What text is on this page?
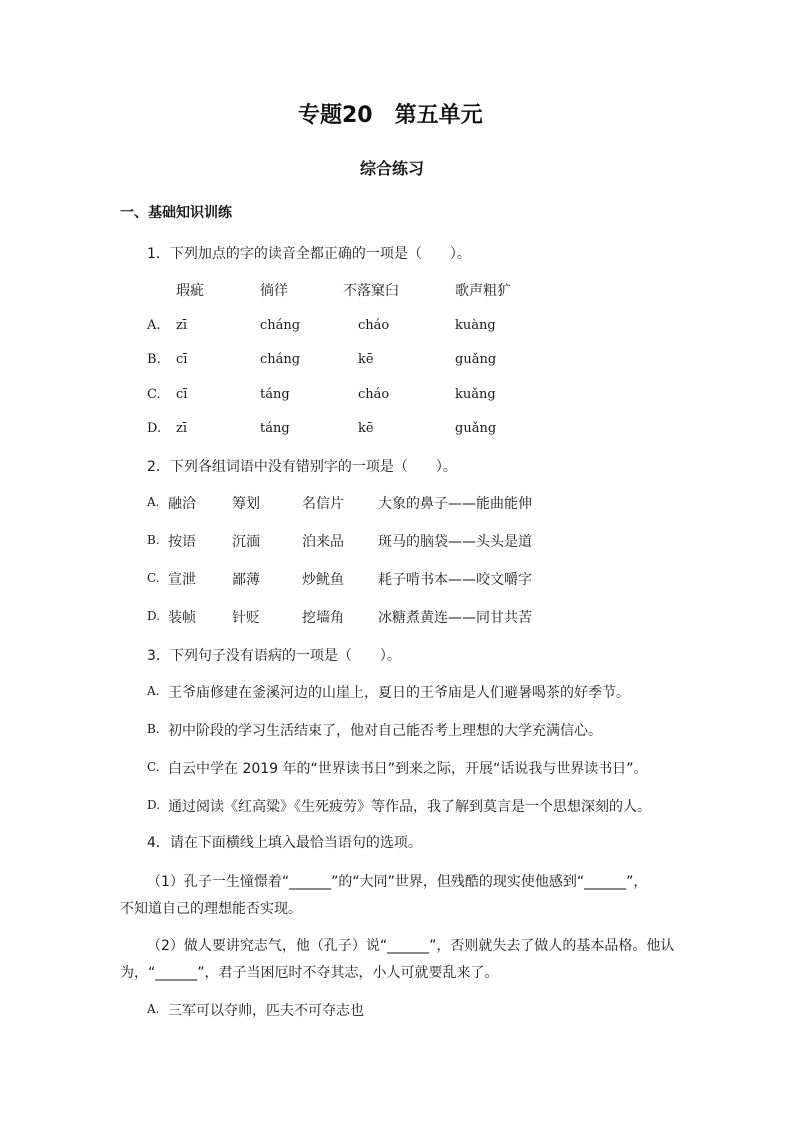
专题20　第五单元
综合练习
一、基础知识训练
1．下列加点的字的读音全都正确的一项是（　　）。
瑕疵	徜徉	不落窠臼	歌声粗犷
A. zī	cháng	cháo	kuàng
B. cī	cháng	kē	guǎng
C. cī	táng	cháo	kuǎng
D. zī	táng	kē	guǎng
2．下列各组词语中没有错别字的一项是（　　）。
A. 融洽	筹划	名信片 大象的鼻子——能曲能伸
B. 按语	沉湎	泊来品 斑马的脑袋——头头是道
C. 宣泄	鄙薄	炒鱿鱼 耗子啃书本——咬文嚼字
D. 装帧	针贬	挖墙角 冰糖煮黄连——同甘共苦
3．下列句子没有语病的一项是（　　）。
A. 王爷庙修建在釜溪河边的山崖上，夏日的王爷庙是人们避暑喝茶的好季节。
B. 初中阶段的学习生活结束了，他对自己能否考上理想的大学充满信心。
C. 白云中学在 2019 年的“世界读书日”到来之际，开展“话说我与世界读书日”。
D. 通过阅读《红高粱》《生死疲劳》等作品，我了解到莫言是一个思想深刻的人。
4．请在下面横线上填入最恰当语句的选项。
（1）孔子一生憧憬着“______”的“大同”世界，但残酷的现实使他感到“______”，
不知道自己的理想能否实现。
（2）做人要讲究志气，他（孔子）说“______”，否则就失去了做人的基本品格。他认
为，“______”，君子当困厄时不夺其志，小人可就要乱来了。
A. 三军可以夺帅，匹夫不可夺志也
